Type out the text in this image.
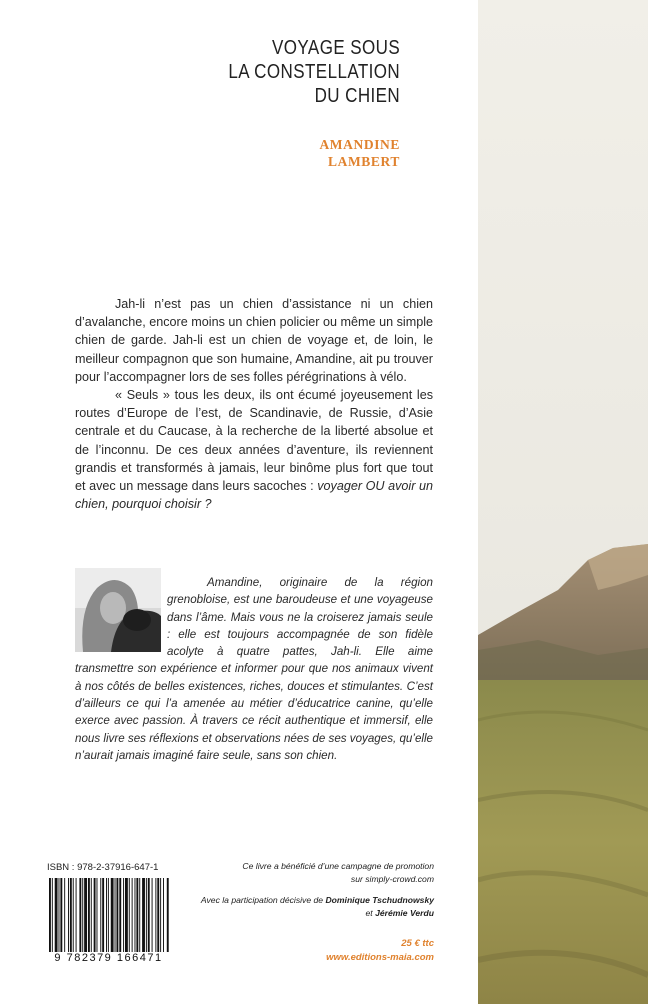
VOYAGE SOUS
LA CONSTELLATION
DU CHIEN
AMANDINE
LAMBERT

Jah-li n’est pas un chien d’assistance ni un chien d’avalanche, encore moins un chien policier ou même un simple chien de garde. Jah-li est un chien de voyage et, de loin, le meilleur compagnon que son humaine, Amandine, ait pu trouver pour l’accompagner lors de ses folles pérégrinations à vélo.

« Seuls » tous les deux, ils ont écumé joyeusement les routes d’Europe de l’est, de Scandinavie, de Russie, d’Asie centrale et du Caucase, à la recherche de la liberté absolue et de l’inconnu. De ces deux années d’aventure, ils reviennent grandis et transformés à jamais, leur binôme plus fort que tout et avec un message dans leurs sacoches : voyager OU avoir un chien, pourquoi choisir ?

Amandine, originaire de la région grenobloise, est une baroudeuse et une voyageuse dans l’âme. Mais vous ne la croiserez jamais seule : elle est toujours accompagnée de son fidèle acolyte à quatre pattes, Jah-li. Elle aime transmettre son expérience et informer pour que nos animaux vivent à nos côtés de belles existences, riches, douces et stimulantes. C’est d’ailleurs ce qui l’a amenée au métier d’éducatrice canine, qu’elle exerce avec passion. À travers ce récit authentique et immersif, elle nous livre ses réflexions et observations nées de ses voyages, qu’elle n’aurait jamais imaginé faire seule, sans son chien.

ISBN : 978-2-37916-647-1
9 782379 166471
Ce livre a bénéficié d’une campagne de promotion
sur simply-crowd.com
Avec la participation décisive de Dominique Tschudnowsky
et Jérémie Verdu
25 € ttc
www.editions-maia.com
